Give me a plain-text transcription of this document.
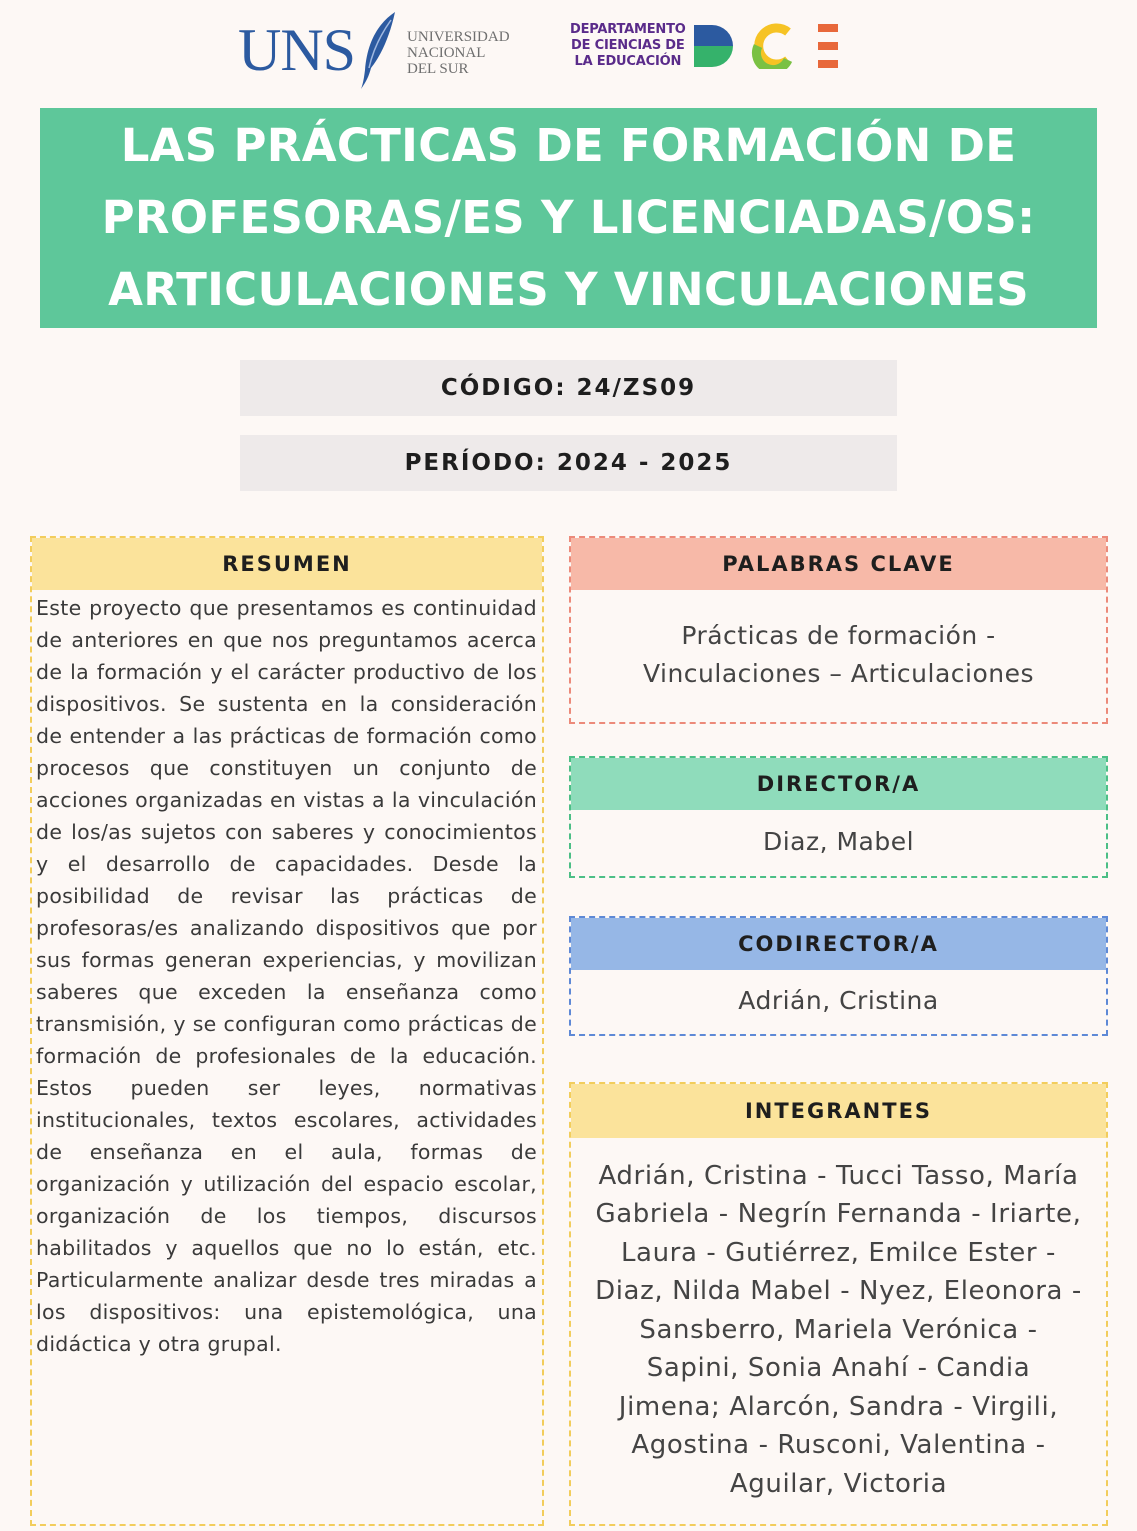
UNS	UNIVERSIDAD
NACIONAL
DEL SUR
DEPARTAMENTO
DE CIENCIAS DE
LA EDUCACIÓN
LAS PRÁCTICAS DE FORMACIÓN DE
PROFESORAS/ES Y LICENCIADAS/OS:
ARTICULACIONES Y VINCULACIONES
CÓDIGO: 24/ZS09
PERÍODO: 2024 - 2025
RESUMEN
Este proyecto que presentamos es continuidad de anteriores en que nos preguntamos acerca de la formación y el carácter productivo de los dispositivos. Se sustenta en la consideración de entender a las prácticas de formación como procesos que constituyen un conjunto de acciones organizadas en vistas a la vinculación de los/as sujetos con saberes y conocimientos y el desarrollo de capacidades. Desde la posibilidad de revisar las prácticas de profesoras/es analizando dispositivos que por sus formas generan experiencias, y movilizan saberes que exceden la enseñanza como transmisión, y se configuran como prácticas de formación de profesionales de la educación. Estos pueden ser leyes, normativas institucionales, textos escolares, actividades de enseñanza en el aula, formas de organización y utilización del espacio escolar, organización de los tiempos, discursos habilitados y aquellos que no lo están, etc. Particularmente analizar desde tres miradas a los dispositivos: una epistemológica, una didáctica y otra grupal.
PALABRAS CLAVE
Prácticas de formación -
Vinculaciones – Articulaciones
DIRECTOR/A
Diaz, Mabel
CODIRECTOR/A
Adrián, Cristina
INTEGRANTES
Adrián, Cristina - Tucci Tasso, María
Gabriela - Negrín Fernanda - Iriarte,
Laura - Gutiérrez, Emilce Ester -
Diaz, Nilda Mabel - Nyez, Eleonora -
Sansberro, Mariela Verónica -
Sapini, Sonia Anahí - Candia
Jimena; Alarcón, Sandra - Virgili,
Agostina - Rusconi, Valentina -
Aguilar, Victoria
